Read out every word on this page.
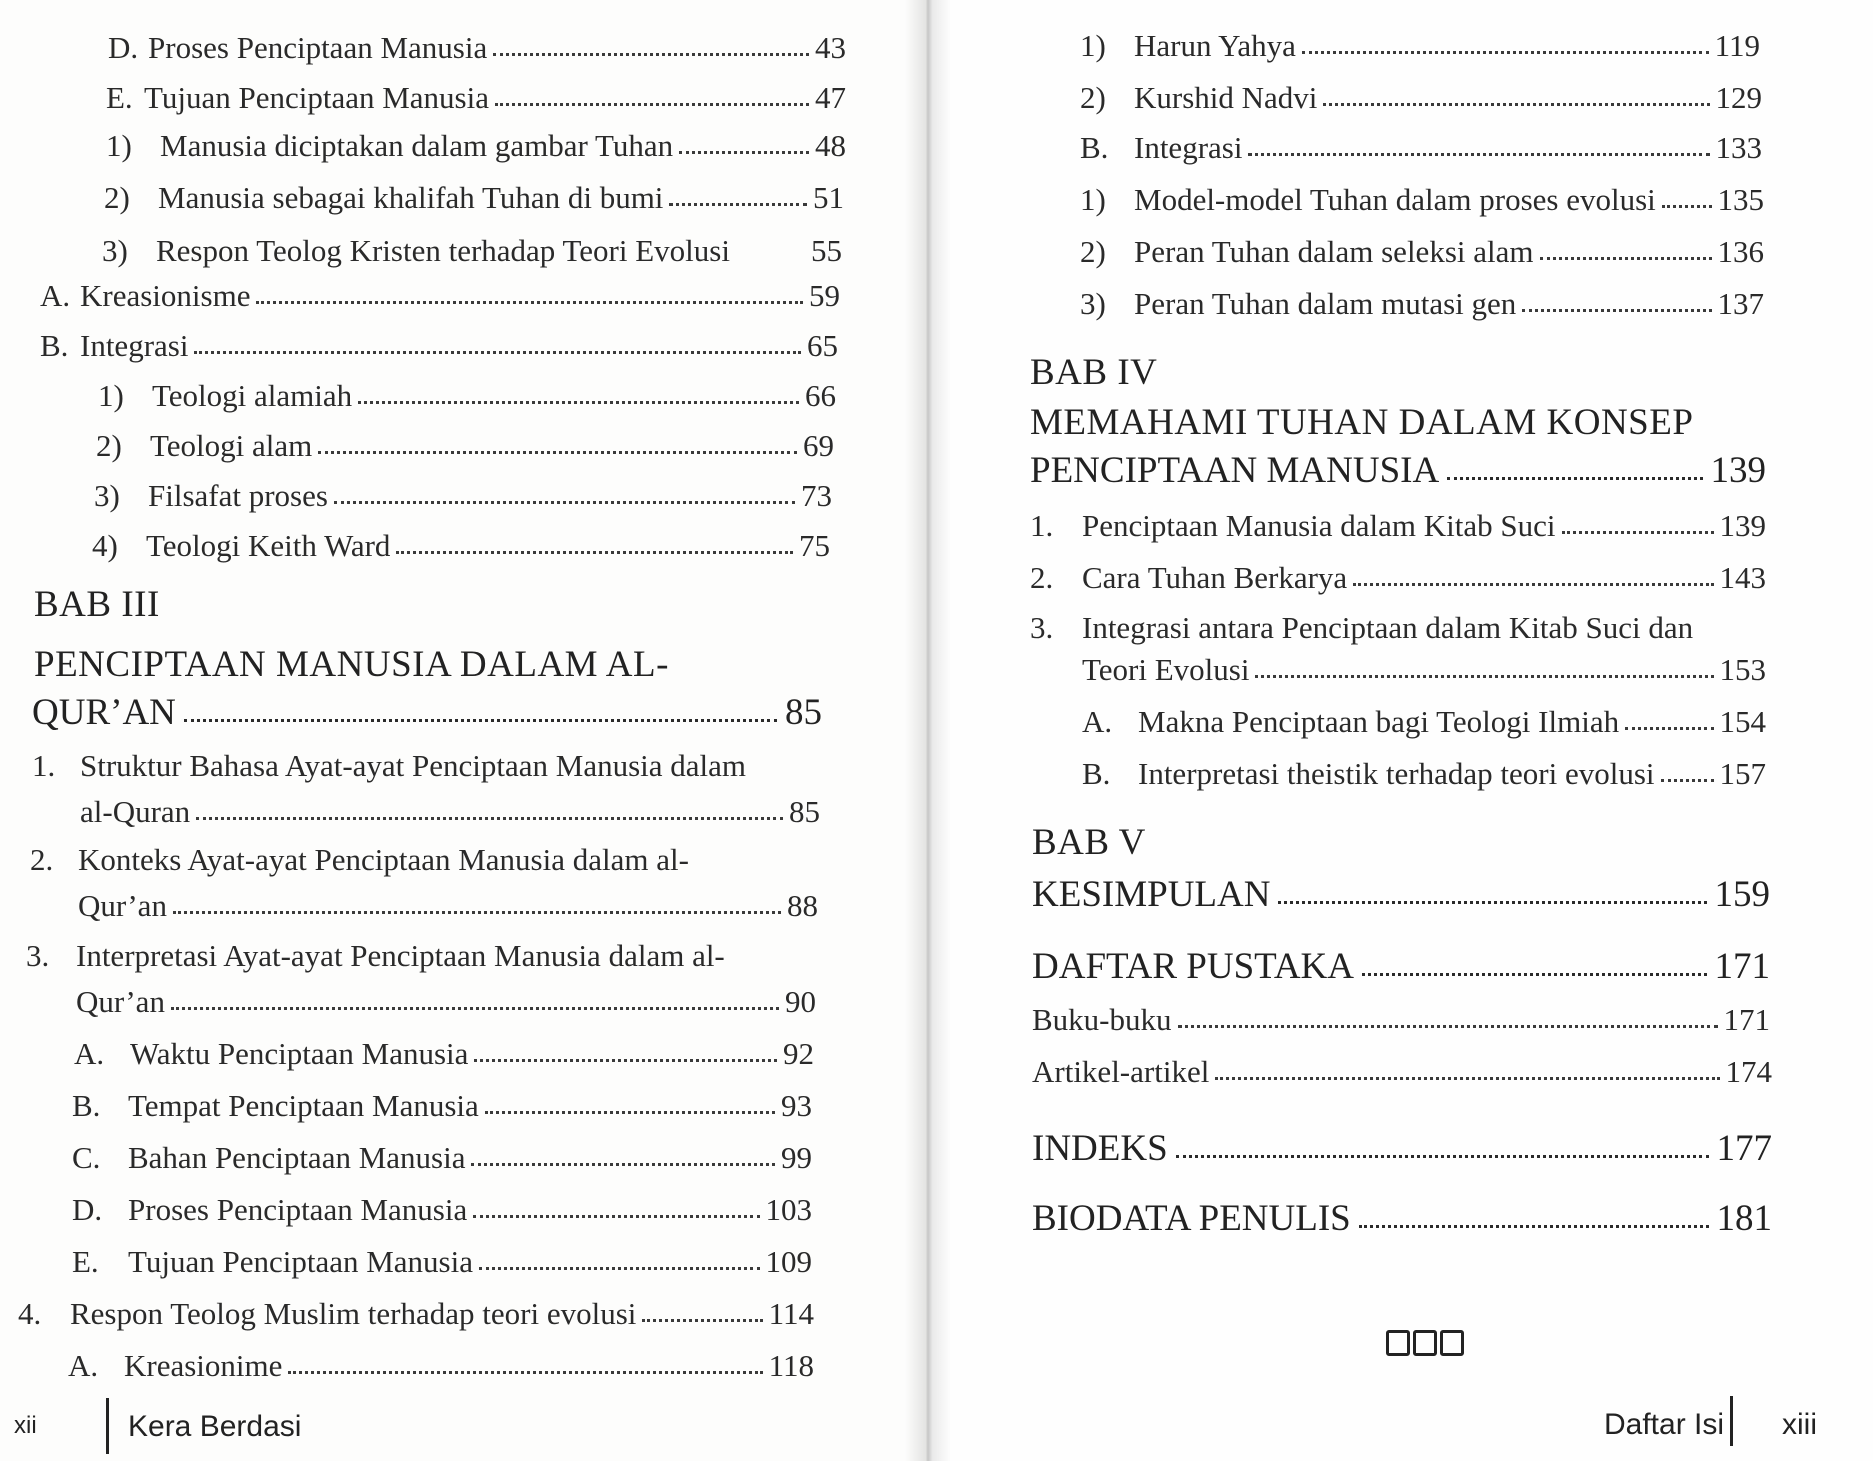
D. Proses Penciptaan Manusia	43
E. Tujuan Penciptaan Manusia	47
1) Manusia diciptakan dalam gambar Tuhan	48
2) Manusia sebagai khalifah Tuhan di bumi	51
3) Respon Teolog Kristen terhadap Teori Evolusi	55
A. Kreasionisme	59
B. Integrasi	65
1) Teologi alamiah	66
2) Teologi alam	69
3) Filsafat proses	73
4) Teologi Keith Ward	75
BAB III
PENCIPTAAN MANUSIA DALAM AL-
QUR’AN	85
1. Struktur Bahasa Ayat-ayat Penciptaan Manusia dalam
al-Quran	85
2. Konteks Ayat-ayat Penciptaan Manusia dalam al-
Qur’an	88
3. Interpretasi Ayat-ayat Penciptaan Manusia dalam al-
Qur’an	90
A. Waktu Penciptaan Manusia	92
B. Tempat Penciptaan Manusia	93
C. Bahan Penciptaan Manusia	99
D. Proses Penciptaan Manusia	103
E. Tujuan Penciptaan Manusia	109
4. Respon Teolog Muslim terhadap teori evolusi	114
A. Kreasionime	118
xii	Kera Berdasi
1) Harun Yahya	119
2) Kurshid Nadvi	129
B. Integrasi	133
1) Model-model Tuhan dalam proses evolusi 135
2) Peran Tuhan dalam seleksi alam	136
3) Peran Tuhan dalam mutasi gen	137
BAB IV
MEMAHAMI TUHAN DALAM KONSEP
PENCIPTAAN MANUSIA	139
1. Penciptaan Manusia dalam Kitab Suci	139
2. Cara Tuhan Berkarya	143
3. Integrasi antara Penciptaan dalam Kitab Suci dan
Teori Evolusi	153
A. Makna Penciptaan bagi Teologi Ilmiah	154
B. Interpretasi theistik terhadap teori evolusi 157
BAB V
KESIMPULAN	159
DAFTAR PUSTAKA	171
Buku-buku	171
Artikel-artikel	174
INDEKS	177
BIODATA PENULIS	181
Daftar Isi xiii
